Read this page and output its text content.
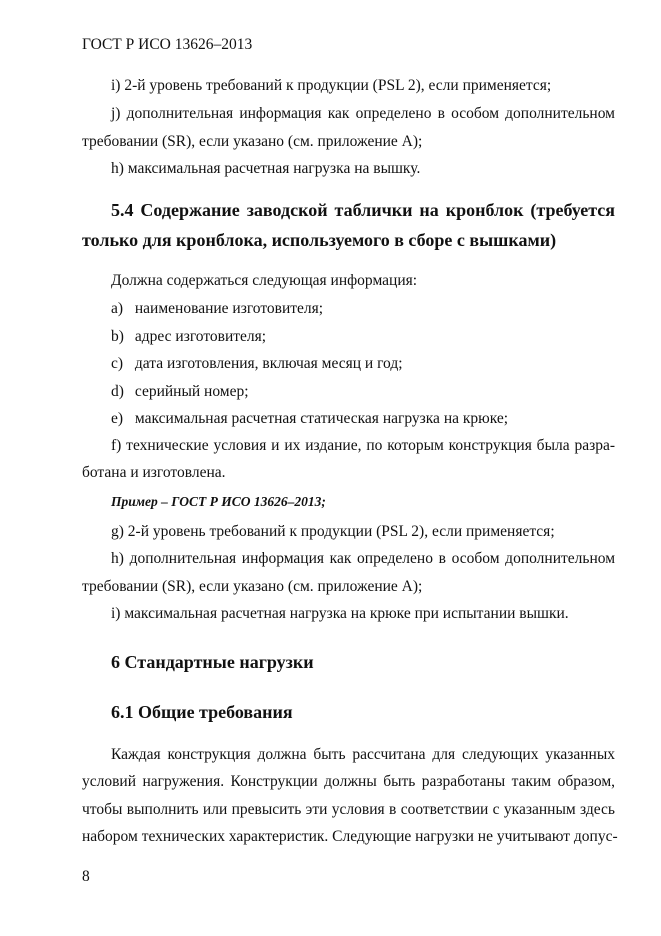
ГОСТ Р ИСО 13626–2013
i) 2-й уровень требований к продукции (PSL 2), если применяется;
j) дополнительная информация как определено в особом дополнительном
требовании (SR), если указано (см. приложение А);
h) максимальная расчетная нагрузка на вышку.
5.4 Содержание заводской таблички на кронблок (требуется
только для кронблока, используемого в сборе с вышками)
Должна содержаться следующая информация:
a) наименование изготовителя;
b) адрес изготовителя;
c) дата изготовления, включая месяц и год;
d) серийный номер;
e) максимальная расчетная статическая нагрузка на крюке;
f) технические условия и их издание, по которым конструкция была разра-
ботана и изготовлена.
Пример – ГОСТ Р ИСО 13626–2013;
g) 2-й уровень требований к продукции (PSL 2), если применяется;
h) дополнительная информация как определено в особом дополнительном
требовании (SR), если указано (см. приложение А);
i) максимальная расчетная нагрузка на крюке при испытании вышки.
6 Стандартные нагрузки
6.1 Общие требования
Каждая конструкция должна быть рассчитана для следующих указанных
условий нагружения. Конструкции должны быть разработаны таким образом,
чтобы выполнить или превысить эти условия в соответствии с указанным здесь
набором технических характеристик. Следующие нагрузки не учитывают допус-
8
